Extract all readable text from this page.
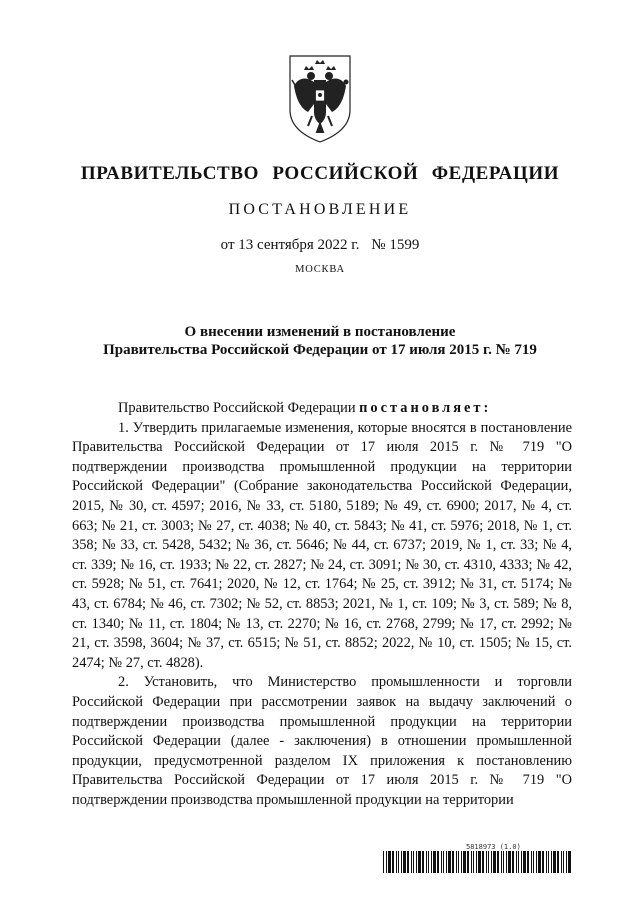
ПРАВИТЕЛЬСТВО РОССИЙСКОЙ ФЕДЕРАЦИИ
ПОСТАНОВЛЕНИЕ
от 13 сентября 2022 г. № 1599
МОСКВА
О внесении изменений в постановление
Правительства Российской Федерации от 17 июля 2015 г. № 719

Правительство Российской Федерации постановляет:

1. Утвердить прилагаемые изменения, которые вносятся в постановление Правительства Российской Федерации от 17 июля 2015 г. № 719 "О подтверждении производства промышленной продукции на территории Российской Федерации" (Собрание законодательства Российской Федерации, 2015, № 30, ст. 4597; 2016, № 33, ст. 5180, 5189; № 49, ст. 6900; 2017, № 4, ст. 663; № 21, ст. 3003; № 27, ст. 4038; № 40, ст. 5843; № 41, ст. 5976; 2018, № 1, ст. 358; № 33, ст. 5428, 5432; № 36, ст. 5646; № 44, ст. 6737; 2019, № 1, ст. 33; № 4, ст. 339; № 16, ст. 1933; № 22, ст. 2827; № 24, ст. 3091; № 30, ст. 4310, 4333; № 42, ст. 5928; № 51, ст. 7641; 2020, № 12, ст. 1764; № 25, ст. 3912; № 31, ст. 5174; № 43, ст. 6784; № 46, ст. 7302; № 52, ст. 8853; 2021, № 1, ст. 109; № 3, ст. 589; № 8, ст. 1340; № 11, ст. 1804; № 13, ст. 2270; № 16, ст. 2768, 2799; № 17, ст. 2992; № 21, ст. 3598, 3604; № 37, ст. 6515; № 51, ст. 8852; 2022, № 10, ст. 1505; № 15, ст. 2474; № 27, ст. 4828).

2. Установить, что Министерство промышленности и торговли Российской Федерации при рассмотрении заявок на выдачу заключений о подтверждении производства промышленной продукции на территории Российской Федерации (далее - заключения) в отношении промышленной продукции, предусмотренной разделом IX приложения к постановлению Правительства Российской Федерации от 17 июля 2015 г. № 719 "О подтверждении производства промышленной продукции на территории

5818973 (1.0)
